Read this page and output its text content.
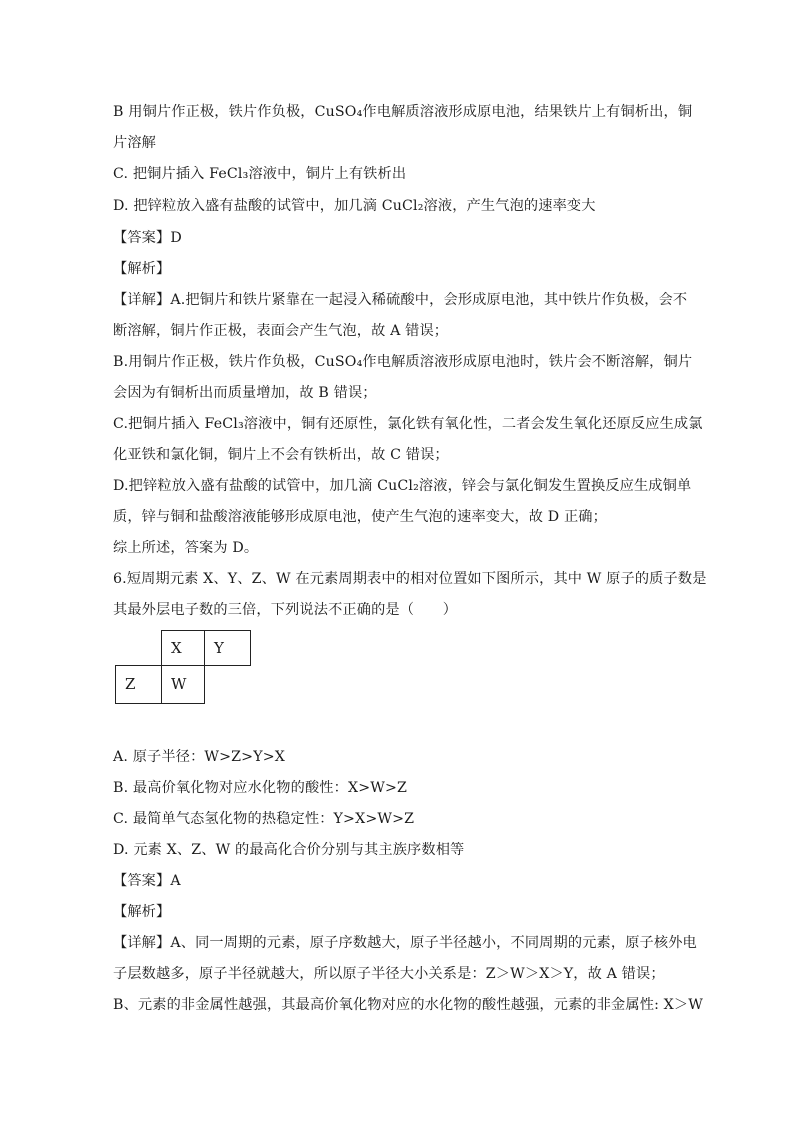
B 用铜片作正极，铁片作负极，CuSO₄作电解质溶液形成原电池，结果铁片上有铜析出，铜
片溶解
C. 把铜片插入 FeCl₃溶液中，铜片上有铁析出
D. 把锌粒放入盛有盐酸的试管中，加几滴 CuCl₂溶液，产生气泡的速率变大
【答案】D
【解析】
【详解】A.把铜片和铁片紧靠在一起浸入稀硫酸中，会形成原电池，其中铁片作负极，会不
断溶解，铜片作正极，表面会产生气泡，故 A 错误；
B.用铜片作正极，铁片作负极，CuSO₄作电解质溶液形成原电池时，铁片会不断溶解，铜片
会因为有铜析出而质量增加，故 B 错误；
C.把铜片插入 FeCl₃溶液中，铜有还原性，氯化铁有氧化性，二者会发生氧化还原反应生成氯
化亚铁和氯化铜，铜片上不会有铁析出，故 C 错误；
D.把锌粒放入盛有盐酸的试管中，加几滴 CuCl₂溶液，锌会与氯化铜发生置换反应生成铜单
质，锌与铜和盐酸溶液能够形成原电池，使产生气泡的速率变大，故 D 正确；
综上所述，答案为 D。
6.短周期元素 X、Y、Z、W 在元素周期表中的相对位置如下图所示，其中 W 原子的质子数是
其最外层电子数的三倍，下列说法不正确的是（　　）
X	Y
Z	W
A. 原子半径：W>Z>Y>X
B. 最高价氧化物对应水化物的酸性：X>W>Z
C. 最简单气态氢化物的热稳定性：Y>X>W>Z
D. 元素 X、Z、W 的最高化合价分别与其主族序数相等
【答案】A
【解析】
【详解】A、同一周期的元素，原子序数越大，原子半径越小，不同周期的元素，原子核外电
子层数越多，原子半径就越大，所以原子半径大小关系是：Z＞W＞X＞Y，故 A 错误；
B、元素的非金属性越强，其最高价氧化物对应的水化物的酸性越强，元素的非金属性: X＞W
